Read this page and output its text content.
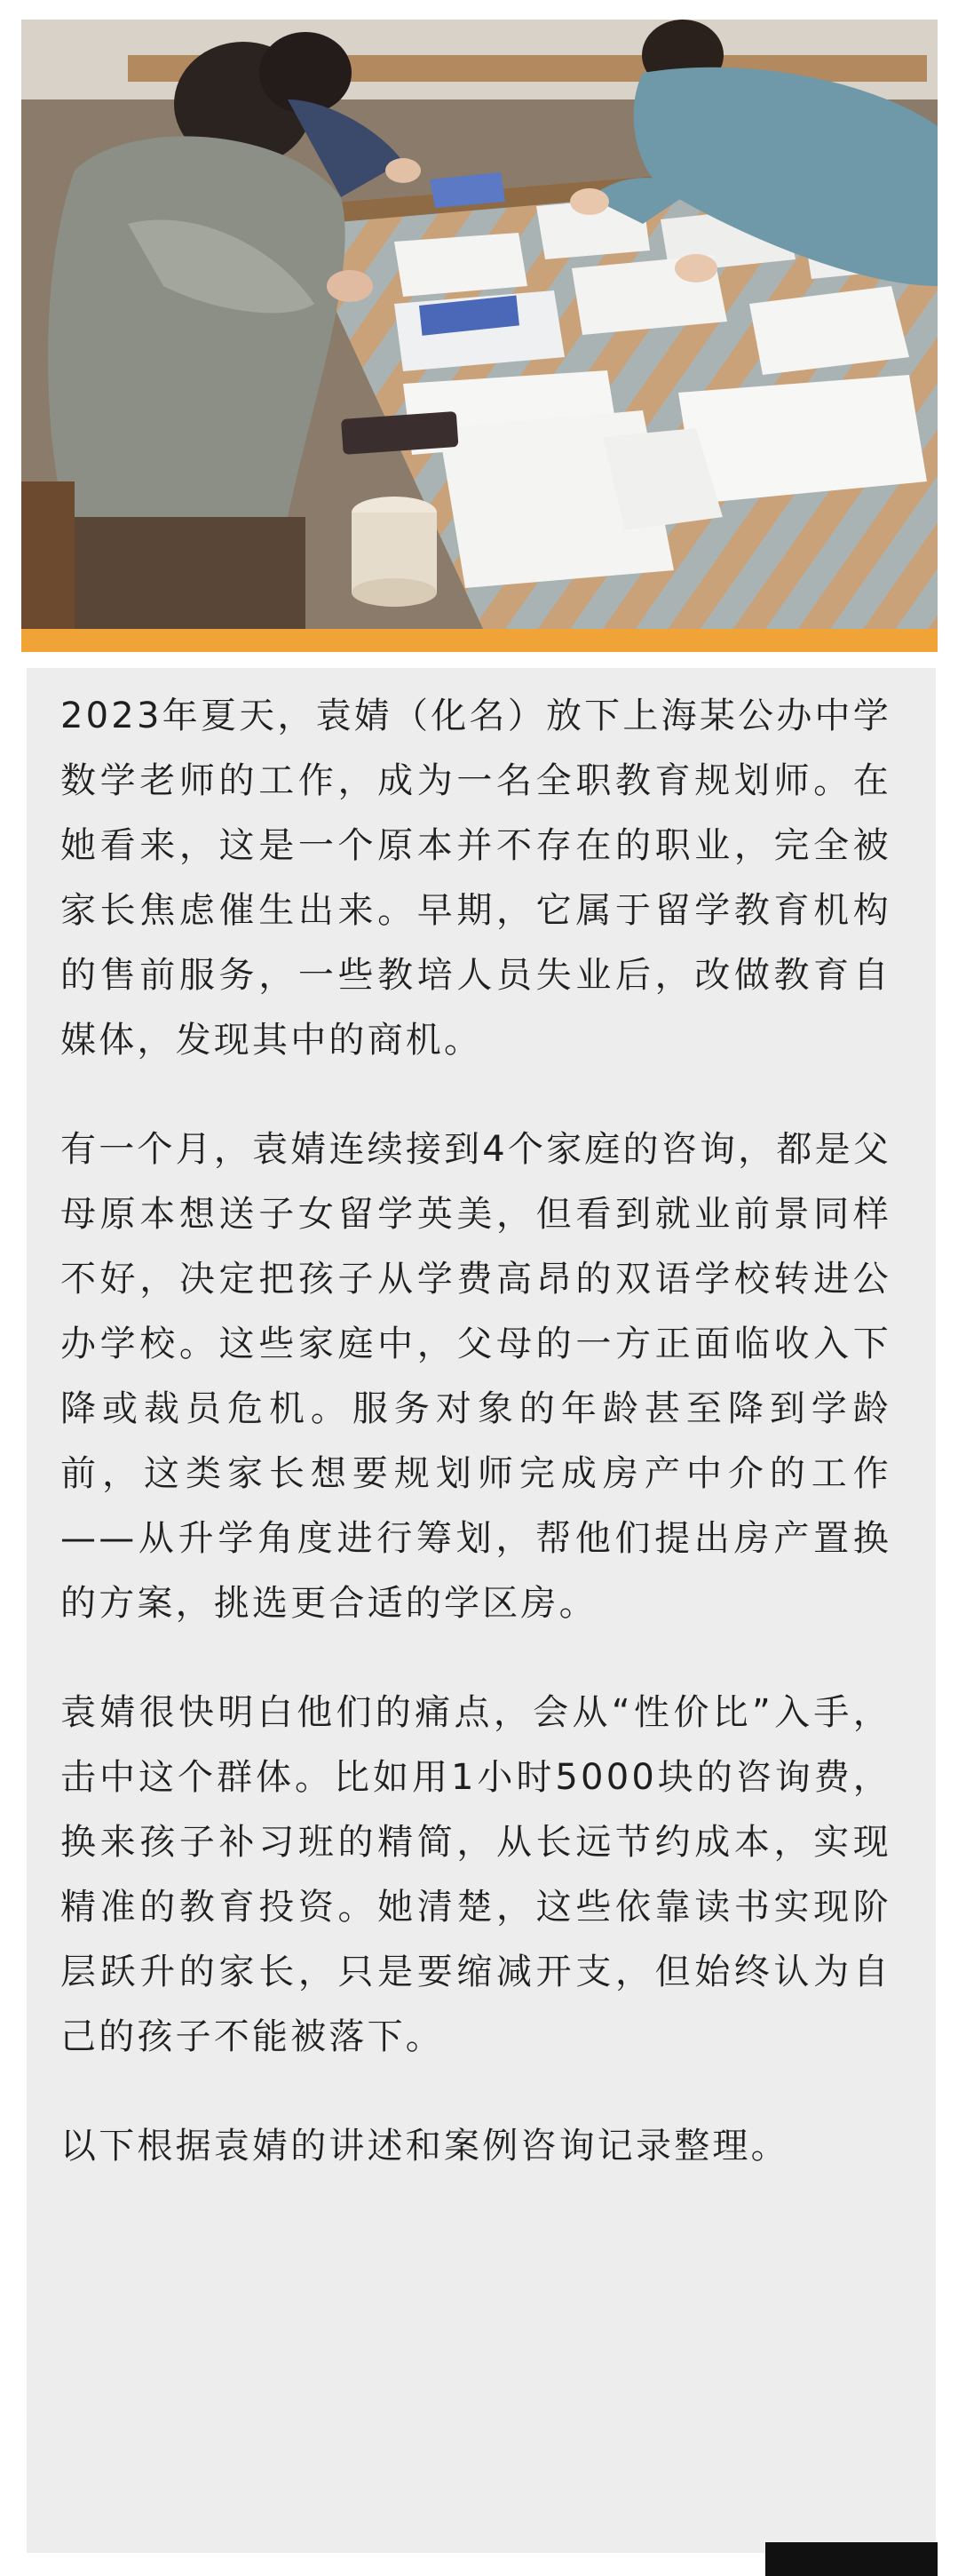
2023年夏天，袁婧（化名）放下上海某公办中学数学老师的工作，成为一名全职教育规划师。在她看来，这是一个原本并不存在的职业，完全被家长焦虑催生出来。早期，它属于留学教育机构的售前服务，一些教培人员失业后，改做教育自媒体，发现其中的商机。

有一个月，袁婧连续接到4个家庭的咨询，都是父母原本想送子女留学英美，但看到就业前景同样不好，决定把孩子从学费高昂的双语学校转进公办学校。这些家庭中，父母的一方正面临收入下降或裁员危机。服务对象的年龄甚至降到学龄前，这类家长想要规划师完成房产中介的工作——从升学角度进行筹划，帮他们提出房产置换的方案，挑选更合适的学区房。

袁婧很快明白他们的痛点，会从“性价比”入手，击中这个群体。比如用1小时5000块的咨询费，换来孩子补习班的精简，从长远节约成本，实现精准的教育投资。她清楚，这些依靠读书实现阶层跃升的家长，只是要缩减开支，但始终认为自己的孩子不能被落下。

以下根据袁婧的讲述和案例咨询记录整理。
